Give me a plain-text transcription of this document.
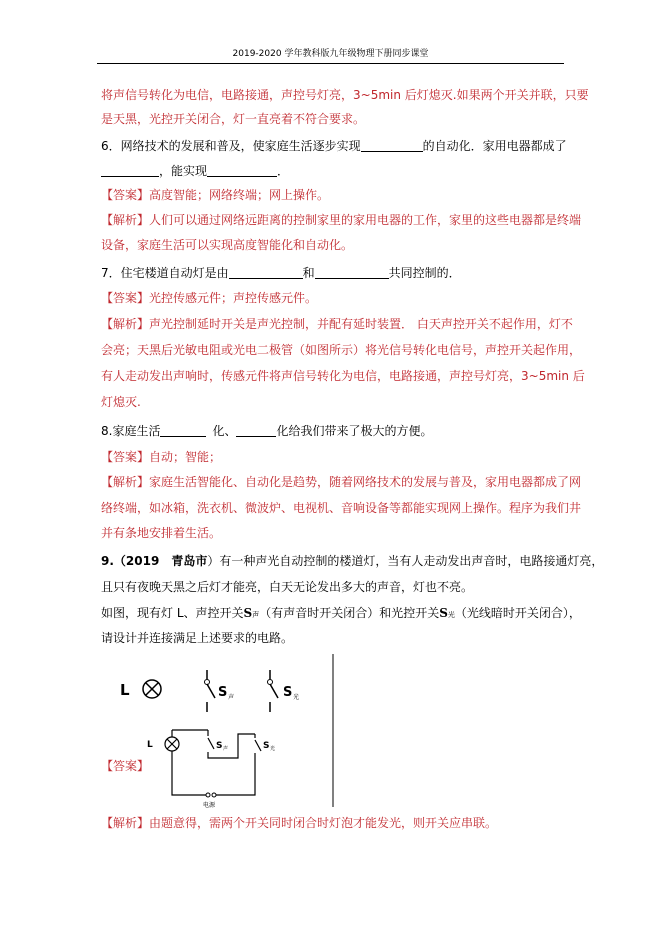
2019-2020 学年教科版九年级物理下册同步课堂
将声信号转化为电信，电路接通，声控号灯亮，3~5min 后灯熄灭.如果两个开关并联，只要
是天黑，光控开关闭合，灯一直亮着不符合要求。
6．网络技术的发展和普及，使家庭生活逐步实现	的自动化．家用电器都成了
，能实现	．
【答案】高度智能；网络终端；网上操作。
【解析】人们可以通过网络远距离的控制家里的家用电器的工作，家里的这些电器都是终端
设备，家庭生活可以实现高度智能化和自动化。
7．住宅楼道自动灯是由	和	共同控制的．
【答案】光控传感元件；声控传感元件。
【解析】声光控制延时开关是声光控制，并配有延时装置． 白天声控开关不起作用，灯不
会亮；天黑后光敏电阻或光电二极管（如图所示）将光信号转化电信号，声控开关起作用，
有人走动发出声响时，传感元件将声信号转化为电信，电路接通，声控号灯亮，3~5min 后
灯熄灭.
8.家庭生活	化、	化给我们带来了极大的方便。
【答案】自动；智能；
【解析】家庭生活智能化、自动化是趋势，随着网络技术的发展与普及，家用电器都成了网
络终端，如冰箱，洗衣机、微波炉、电视机、音响设备等都能实现网上操作。程序为我们井
并有条地安排着生活。
9.（2019　青岛市）有一种声光自动控制的楼道灯，当有人走动发出声音时，电路接通灯亮，
且只有夜晚天黑之后灯才能亮，白天无论发出多大的声音，灯也不亮。
如图，现有灯 L、声控开关S声（有声音时开关闭合）和光控开关S光（光线暗时开关闭合），
请设计并连接满足上述要求的电路。
L	S 声	S 光
L	S 声	S 光
电源
【答案】
【解析】由题意得，需两个开关同时闭合时灯泡才能发光，则开关应串联。
